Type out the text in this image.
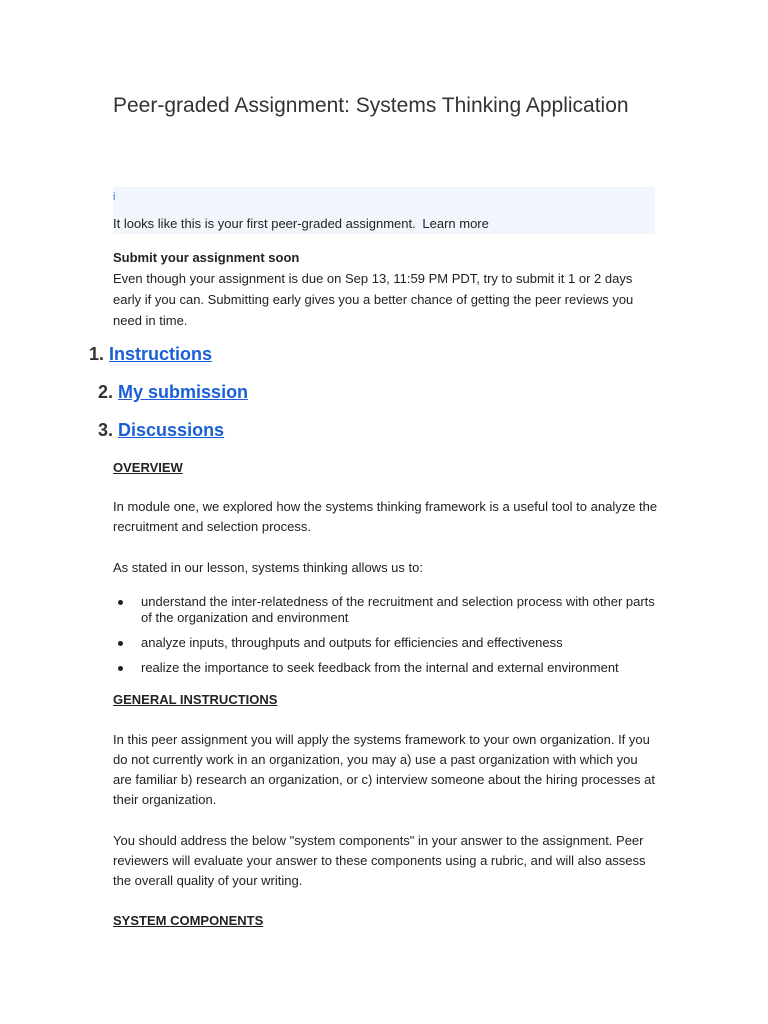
Peer-graded Assignment: Systems Thinking Application
i
It looks like this is your first peer-graded assignment. Learn more
Submit your assignment soon
Even though your assignment is due on Sep 13, 11:59 PM PDT, try to submit it 1 or 2 days early if you can. Submitting early gives you a better chance of getting the peer reviews you need in time.
1. Instructions
2. My submission
3. Discussions
OVERVIEW

In module one, we explored how the systems thinking framework is a useful tool to analyze the recruitment and selection process.

As stated in our lesson, systems thinking allows us to:

understand the inter-relatedness of the recruitment and selection process with other parts of the organization and environment
analyze inputs, throughputs and outputs for efficiencies and effectiveness
realize the importance to seek feedback from the internal and external environment
GENERAL INSTRUCTIONS

In this peer assignment you will apply the systems framework to your own organization. If you do not currently work in an organization, you may a) use a past organization with which you are familiar b) research an organization, or c) interview someone about the hiring processes at their organization.

You should address the below "system components" in your answer to the assignment. Peer reviewers will evaluate your answer to these components using a rubric, and will also assess the overall quality of your writing.

SYSTEM COMPONENTS
